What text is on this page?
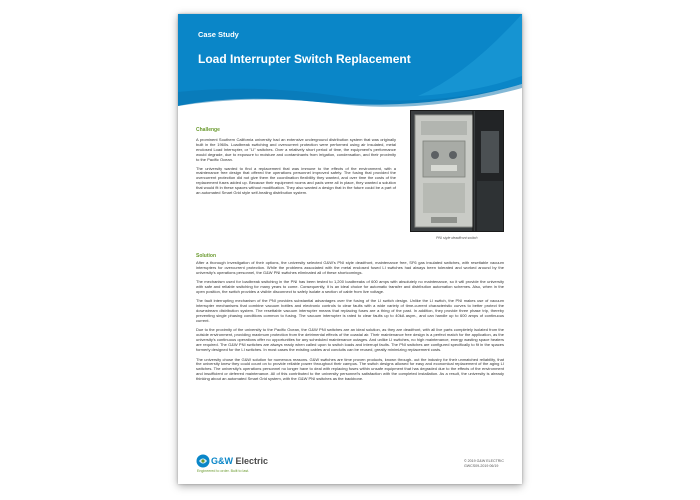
Case Study
Load Interrupter Switch Replacement
Challenge

A prominent Southern California university had an extensive underground distribution system that was originally built in the 1960s. Loadbreak switching and overcurrent protection were performed using air insulated, metal enclosed Load Interrupter, or "LI" switches. Over a relatively short period of time, the equipment's performance would degrade, due to exposure to moisture and contaminants from irrigation, condensation, and their proximity to the Pacific Ocean.

The university wanted to find a replacement that was immune to the effects of the environment, with a maintenance free design that offered the operations personnel improved safety. The fusing that provided the overcurrent protection did not give them the coordination flexibility they wanted, and over time the costs of the replacement fuses added up. Because their equipment rooms and pads were all in place, they wanted a solution that would fit in these spaces without modification. They also wanted a design that in the future could be a part of an automated Smart Grid style self-healing distribution system.

PNI style deadfront switch
Solution

After a thorough investigation of their options, the university selected G&W's PNI style deadfront, maintenance free, SF6 gas insulated switches, with resettable vacuum interrupters for overcurrent protection. While the problems associated with the metal enclosed fused LI switches had always been tolerated and worked around by the university's operations personnel, the G&W PNI switches eliminated all of these shortcomings.

The mechanism used for loadbreak switching in the PNI has been tested to 1,200 loadbreaks of 600 amps with absolutely no maintenance, so it will provide the university with safe and reliable switching for many years to come. Consequently, it is an ideal choice for automatic transfer and distribution automation schemes. Also, when in the open position, the switch provides a visible disconnect to safely isolate a section of cable from live voltage.

The fault interrupting mechanism of the PNI provides substantial advantages over the fusing of the LI switch design. Unlike the LI switch, the PNI makes use of vacuum interrupter mechanisms that combine vacuum bottles and electronic controls to clear faults with a wide variety of time-current characteristic curves to better protect the downstream distribution system. The resettable vacuum interrupter means that replacing fuses are a thing of the past. In addition, they provide three phase trip, thereby preventing single phasing conditions common to fusing. The vacuum interrupter is rated to clear faults up to 40kA asym., and can handle up to 600 amps of continuous current.

Due to the proximity of the university to the Pacific Ocean, the G&W PNI switches are an ideal solution, as they are deadfront, with all live parts completely isolated from the outside environment, providing maximum protection from the detrimental effects of the coastal air. Their maintenance free design is a perfect match for the application, as the university's continuous operations offer no opportunities for any scheduled maintenance outages. And unlike LI switches, no high maintenance, energy wasting space heaters are required. The G&W PNI switches are always ready when called upon to switch loads and interrupt faults. The PNI switches are configured specifically to fit in the spaces formerly designed for the LI switches. In most cases the existing cables and conduits can be reused, greatly minimizing replacement costs.

The university chose the G&W solution for numerous reasons. G&W switches are time proven products, known through- out the industry for their unmatched reliability, that the university knew they could count on to provide reliable power throughout their campus. The switch designs allowed for easy and economical replacement of the aging LI switches. The university's operations personnel no longer have to deal with replacing fuses within unsafe equipment that has degraded due to the effects of the environment and insufficient or deferred maintenance. All of this contributed to the university personnel's satisfaction with the completed installation. As a result, the university is already thinking about an automated Smart Grid system, with the G&W PNI switches as the backbone.

G&W Electric
Engineered to order. Built to last.
© 2019 G&W ELECTRIC
GWCS09-2019 06/19
